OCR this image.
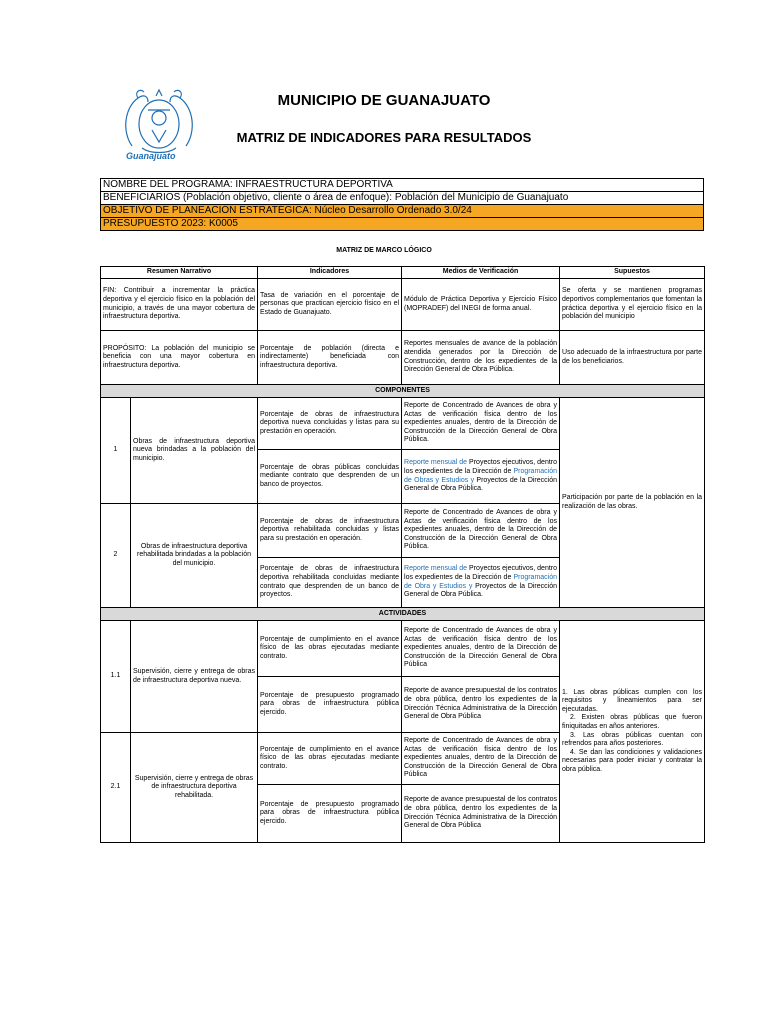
Guanajuato
MUNICIPIO DE GUANAJUATO
MATRIZ DE INDICADORES PARA RESULTADOS
NOMBRE DEL PROGRAMA: INFRAESTRUCTURA DEPORTIVA
BENEFICIARIOS (Población objetivo, cliente o área de enfoque): Población del Municipio de Guanajuato
OBJETIVO DE PLANEACIÓN ESTRATÉGICA: Núcleo Desarrollo Ordenado 3.0/24
PRESUPUESTO 2023: K0005
MATRIZ DE MARCO LÓGICO
Resumen Narrativo		Indicadores	Medios de Verificación	Supuestos
FIN: Contribuir a incrementar la práctica deportiva y el ejercicio físico en la población del municipio, a través de una mayor cobertura de infraestructura deportiva.		Tasa de variación en el porcentaje de personas que practican ejercicio físico en el Estado de Guanajuato.	Módulo de Práctica Deportiva y Ejercicio Físico (MOPRADEF) del INEGI de forma anual.	Se oferta y se mantienen programas deportivos complementarios que fomentan la práctica deportiva y el ejercicio físico en la población del municipio
PROPÓSITO: La población del municipio se beneficia con una mayor cobertura en infraestructura deportiva.		Porcentaje de población (directa e indirectamente) beneficiada con infraestructura deportiva.	Reportes mensuales de avance de la población atendida generados por la Dirección de Construcción, dentro de los expedientes de la Dirección General de Obra Pública.	Uso adecuado de la infraestructura por parte de los beneficiarios.
COMPONENTES				
1	Obras de infraestructura deportiva nueva brindadas a la población del municipio.	Porcentaje de obras de infraestructura deportiva nueva concluidas y listas para su prestación en operación.	Reporte de Concentrado de Avances de obra y Actas de verificación física dentro de los expedientes anuales, dentro de la Dirección de Construcción de la Dirección General de Obra Pública.	Participación por parte de la población en la realización de las obras.
		Porcentaje de obras públicas concluidas mediante contrato que desprenden de un banco de proyectos.	Reporte mensual de Proyectos ejecutivos, dentro los expedientes de la Dirección de Programación de Obras y Estudios y Proyectos de la Dirección General de Obra Pública.	
2	Obras de infraestructura deportiva rehabilitada brindadas a la población del municipio.	Porcentaje de obras de infraestructura deportiva rehabilitada concluidas y listas para su prestación en operación.	Reporte de Concentrado de Avances de obra y Actas de verificación física dentro de los expedientes anuales, dentro de la Dirección de Construcción de la Dirección General de Obra Pública.	
		Porcentaje de obras de infraestructura deportiva rehabilitada concluidas mediante contrato que desprenden de un banco de proyectos.	Reporte mensual de Proyectos ejecutivos, dentro los expedientes de la Dirección de Programación de Obra y Estudios y Proyectos de la Dirección General de Obra Pública.	
ACTIVIDADES				
1.1	Supervisión, cierre y entrega de obras de infraestructura deportiva nueva.	Porcentaje de cumplimiento en el avance físico de las obras ejecutadas mediante contrato.	Reporte de Concentrado de Avances de obra y Actas de verificación física dentro de los expedientes anuales, dentro de la Dirección de Construcción de la Dirección General de Obra Pública	1. Las obras públicas cumplen con los requisitos y lineamientos para ser ejecutadas.
2. Existen obras públicas que fueron finiquitadas en años anteriores.
3. Las obras públicas cuentan con refrendos para años posteriores.
4. Se dan las condiciones y validaciones necesarias para poder iniciar y contratar la obra pública.

		Porcentaje de presupuesto programado para obras de infraestructura pública ejercido.	Reporte de avance presupuestal de los contratos de obra pública, dentro los expedientes de la Dirección Técnica Administrativa de la Dirección General de Obra Pública	
2.1	Supervisión, cierre y entrega de obras de infraestructura deportiva rehabilitada.	Porcentaje de cumplimiento en el avance físico de las obras ejecutadas mediante contrato.	Reporte de Concentrado de Avances de obra y Actas de verificación física dentro de los expedientes anuales, dentro de la Dirección de Construcción de la Dirección General de Obra Pública	
		Porcentaje de presupuesto programado para obras de infraestructura pública ejercido.	Reporte de avance presupuestal de los contratos de obra pública, dentro los expedientes de la Dirección Técnica Administrativa de la Dirección General de Obra Pública	
